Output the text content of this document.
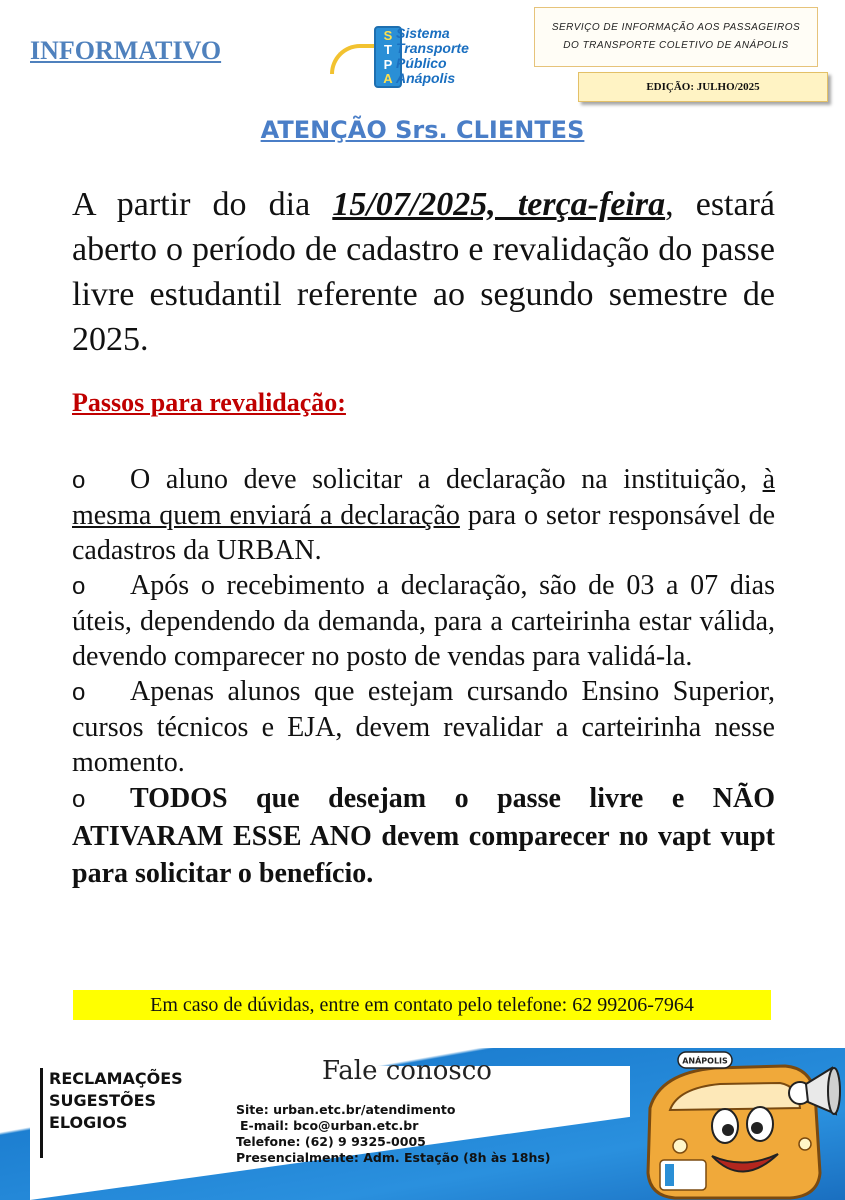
INFORMATIVO
S
T
P
A
Sistema
Transporte
Público
Anápolis
SERVIÇO DE INFORMAÇÃO AOS PASSAGEIROS
DO TRANSPORTE COLETIVO DE ANÁPOLIS
EDIÇÃO: JULHO/2025
ATENÇÃO Srs. CLIENTES
A partir do dia 15/07/2025, terça-feira, estará aberto o período de cadastro e revalidação do passe livre estudantil referente ao segundo semestre de 2025.
Passos para revalidação:
o O aluno deve solicitar a declaração na instituição, à mesma quem enviará a declaração para o setor responsável de cadastros da URBAN.
o Após o recebimento a declaração, são de 03 a 07 dias úteis, dependendo da demanda, para a carteirinha estar válida, devendo comparecer no posto de vendas para validá-la.
o Apenas alunos que estejam cursando Ensino Superior, cursos técnicos e EJA, devem revalidar a carteirinha nesse momento.
o TODOS que desejam o passe livre e NÃO ATIVARAM ESSE ANO devem comparecer no vapt vupt para solicitar o benefício.
Em caso de dúvidas, entre em contato pelo telefone: 62 99206-7964
RECLAMAÇÕES
SUGESTÕES
ELOGIOS
Fale conosco
Site: urban.etc.br/atendimento
E-mail: bco@urban.etc.br
Telefone: (62) 9 9325-0005
Presencialmente: Adm. Estação (8h às 18hs)
ANÁPOLIS
